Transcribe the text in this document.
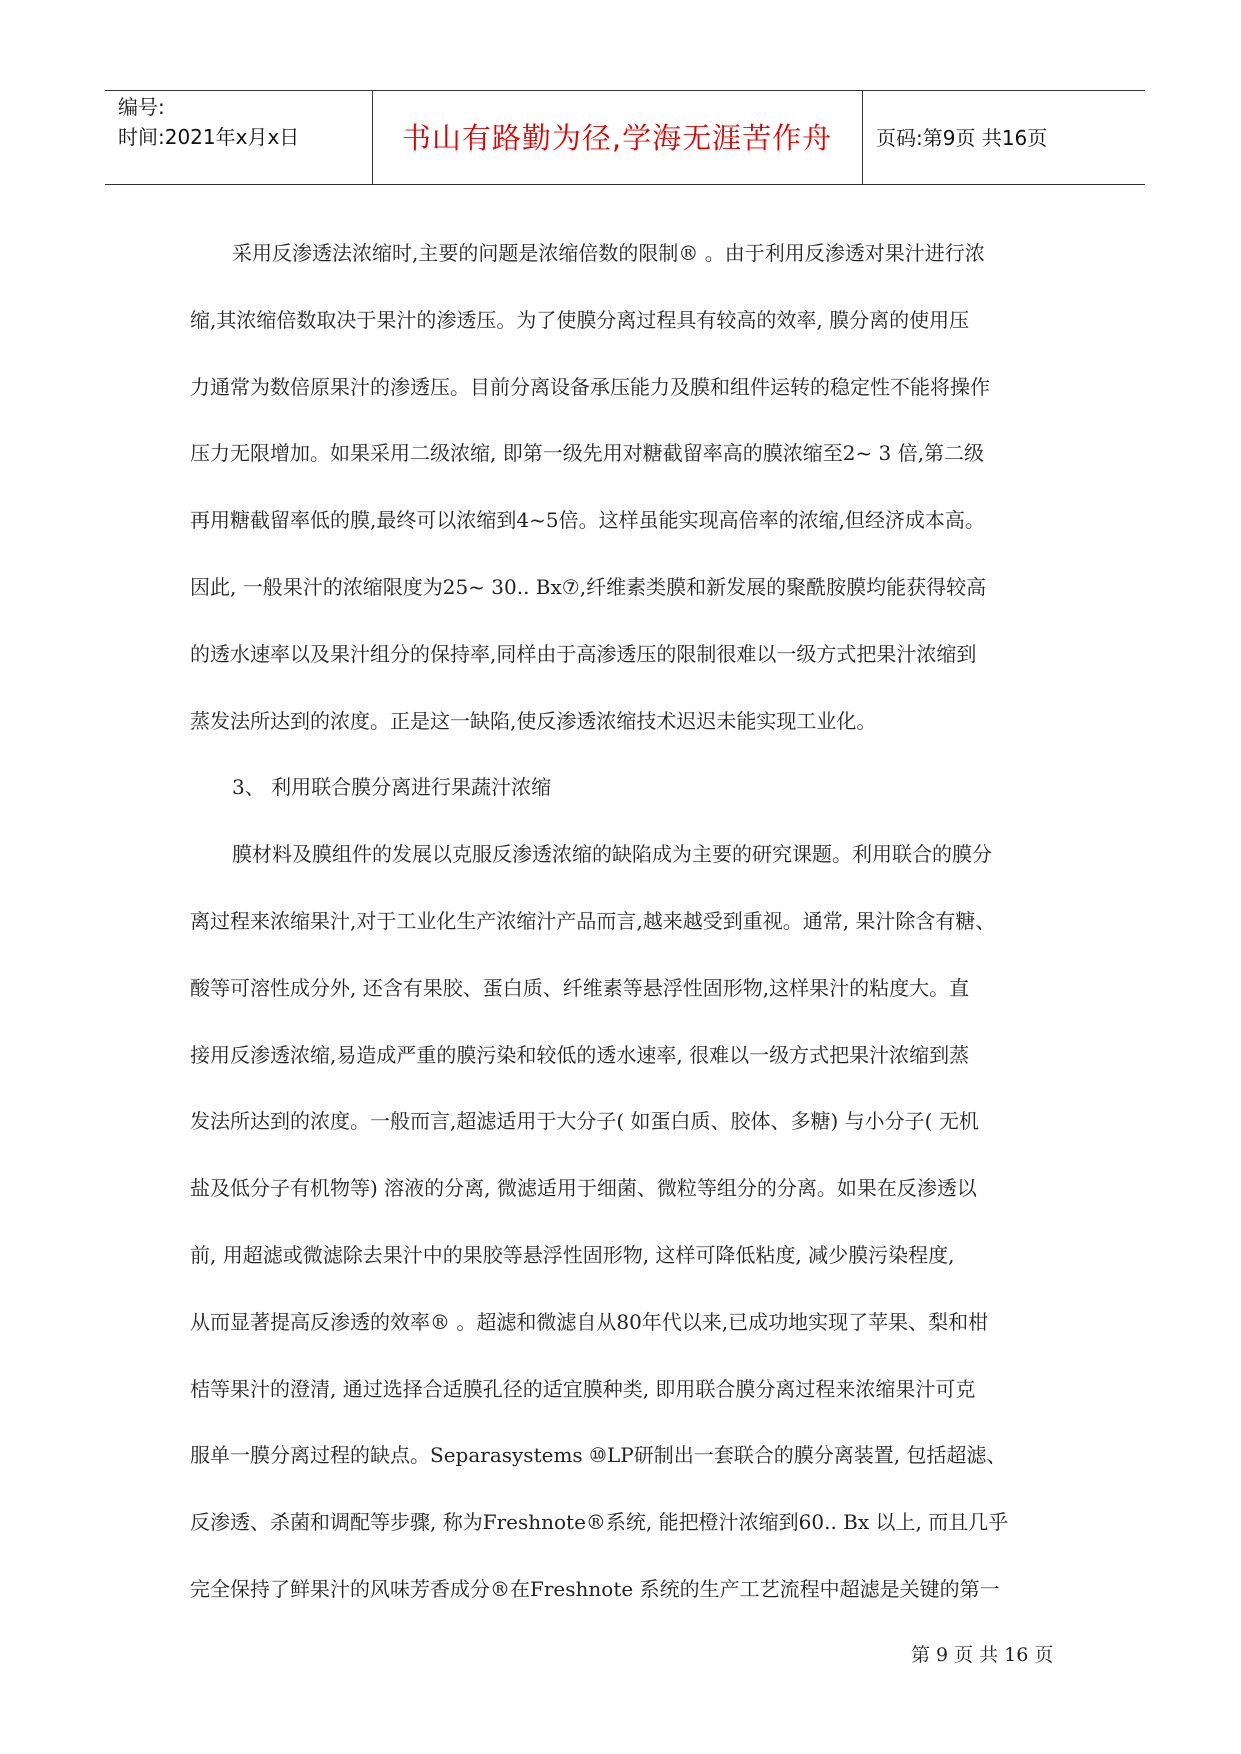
编号:
时间:2021年x月x日	书山有路勤为径,学海无涯苦作舟	页码:第9页 共16页

采用反渗透法浓缩时,主要的问题是浓缩倍数的限制® 。由于利用反渗透对果汁进行浓

缩,其浓缩倍数取决于果汁的渗透压。为了使膜分离过程具有较高的效率, 膜分离的使用压

力通常为数倍原果汁的渗透压。目前分离设备承压能力及膜和组件运转的稳定性不能将操作

压力无限增加。如果采用二级浓缩, 即第一级先用对糖截留率高的膜浓缩至2~ 3 倍,第二级

再用糖截留率低的膜,最终可以浓缩到4~5倍。这样虽能实现高倍率的浓缩,但经济成本高。

因此, 一般果汁的浓缩限度为25~ 30.. Bx⑦,纤维素类膜和新发展的聚酰胺膜均能获得较高

的透水速率以及果汁组分的保持率,同样由于高渗透压的限制很难以一级方式把果汁浓缩到

蒸发法所达到的浓度。正是这一缺陷,使反渗透浓缩技术迟迟未能实现工业化。

3、 利用联合膜分离进行果蔬汁浓缩

膜材料及膜组件的发展以克服反渗透浓缩的缺陷成为主要的研究课题。利用联合的膜分

离过程来浓缩果汁,对于工业化生产浓缩汁产品而言,越来越受到重视。通常, 果汁除含有糖、

酸等可溶性成分外, 还含有果胶、蛋白质、纤维素等悬浮性固形物,这样果汁的粘度大。直

接用反渗透浓缩,易造成严重的膜污染和较低的透水速率, 很难以一级方式把果汁浓缩到蒸

发法所达到的浓度。一般而言,超滤适用于大分子( 如蛋白质、胶体、多糖) 与小分子( 无机

盐及低分子有机物等) 溶液的分离, 微滤适用于细菌、微粒等组分的分离。如果在反渗透以

前, 用超滤或微滤除去果汁中的果胶等悬浮性固形物, 这样可降低粘度, 减少膜污染程度,

从而显著提高反渗透的效率® 。超滤和微滤自从80年代以来,已成功地实现了苹果、梨和柑

桔等果汁的澄清, 通过选择合适膜孔径的适宜膜种类, 即用联合膜分离过程来浓缩果汁可克

服单一膜分离过程的缺点。Separasystems ⑩LP研制出一套联合的膜分离装置, 包括超滤、

反渗透、杀菌和调配等步骤, 称为Freshnote®系统, 能把橙汁浓缩到60.. Bx 以上, 而且几乎

完全保持了鲜果汁的风味芳香成分®在Freshnote 系统的生产工艺流程中超滤是关键的第一

第 9 页 共 16 页
